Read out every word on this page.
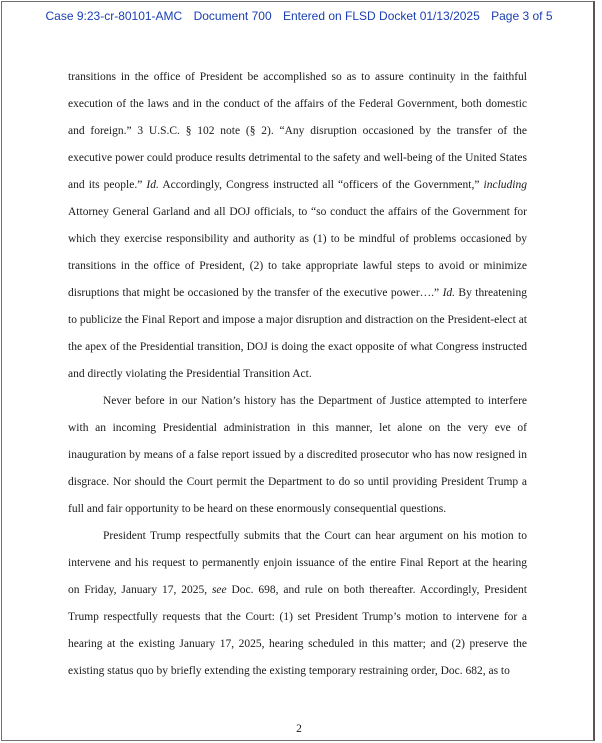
Case 9:23-cr-80101-AMC Document 700 Entered on FLSD Docket 01/13/2025 Page 3 of 5

transitions in the office of President be accomplished so as to assure continuity in the faithful execution of the laws and in the conduct of the affairs of the Federal Government, both domestic and foreign.” 3 U.S.C. § 102 note (§ 2). “Any disruption occasioned by the transfer of the executive power could produce results detrimental to the safety and well-being of the United States and its people.” Id. Accordingly, Congress instructed all “officers of the Government,” including Attorney General Garland and all DOJ officials, to “so conduct the affairs of the Government for which they exercise responsibility and authority as (1) to be mindful of problems occasioned by transitions in the office of President, (2) to take appropriate lawful steps to avoid or minimize disruptions that might be occasioned by the transfer of the executive power….” Id. By threatening to publicize the Final Report and impose a major disruption and distraction on the President-elect at the apex of the Presidential transition, DOJ is doing the exact opposite of what Congress instructed and directly violating the Presidential Transition Act.

Never before in our Nation’s history has the Department of Justice attempted to interfere with an incoming Presidential administration in this manner, let alone on the very eve of inauguration by means of a false report issued by a discredited prosecutor who has now resigned in disgrace. Nor should the Court permit the Department to do so until providing President Trump a full and fair opportunity to be heard on these enormously consequential questions.

President Trump respectfully submits that the Court can hear argument on his motion to intervene and his request to permanently enjoin issuance of the entire Final Report at the hearing on Friday, January 17, 2025, see Doc. 698, and rule on both thereafter. Accordingly, President Trump respectfully requests that the Court: (1) set President Trump’s motion to intervene for a hearing at the existing January 17, 2025, hearing scheduled in this matter; and (2) preserve the existing status quo by briefly extending the existing temporary restraining order, Doc. 682, as to

2
